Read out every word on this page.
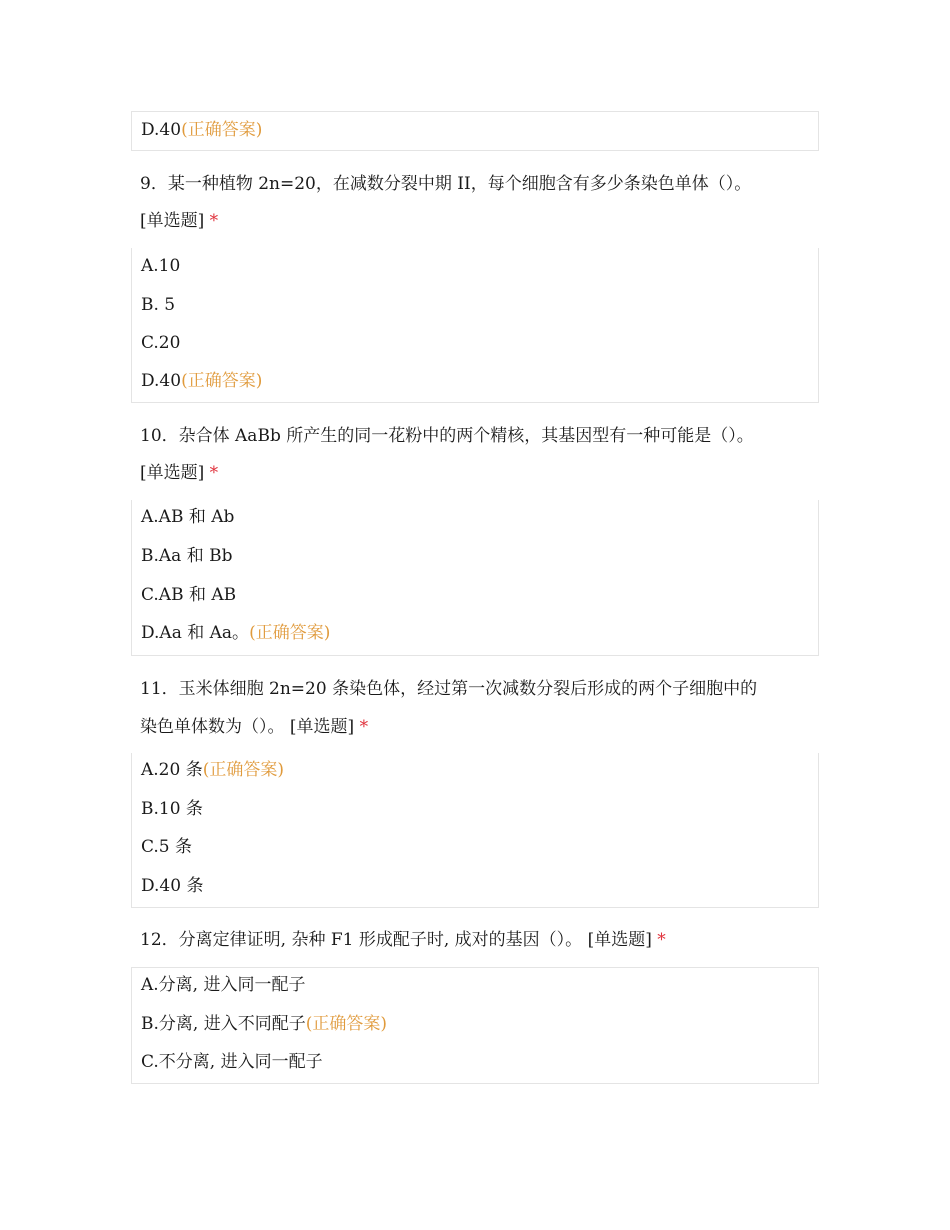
D.40(正确答案)
9．某一种植物 2n=20，在减数分裂中期 II，每个细胞含有多少条染色单体（）。
[单选题] *
A.10
B. 5
C.20
D.40(正确答案)
10．杂合体 AaBb 所产生的同一花粉中的两个精核，其基因型有一种可能是（）。
[单选题] *
A.AB 和 Ab
B.Aa 和 Bb
C.AB 和 AB
D.Aa 和 Aa。(正确答案)
11．玉米体细胞 2n=20 条染色体，经过第一次减数分裂后形成的两个子细胞中的
染色单体数为（）。 [单选题] *
A.20 条(正确答案)
B.10 条
C.5 条
D.40 条
12．分离定律证明, 杂种 F1 形成配子时, 成对的基因（）。 [单选题] *
A.分离, 进入同一配子
B.分离, 进入不同配子(正确答案)
C.不分离, 进入同一配子
